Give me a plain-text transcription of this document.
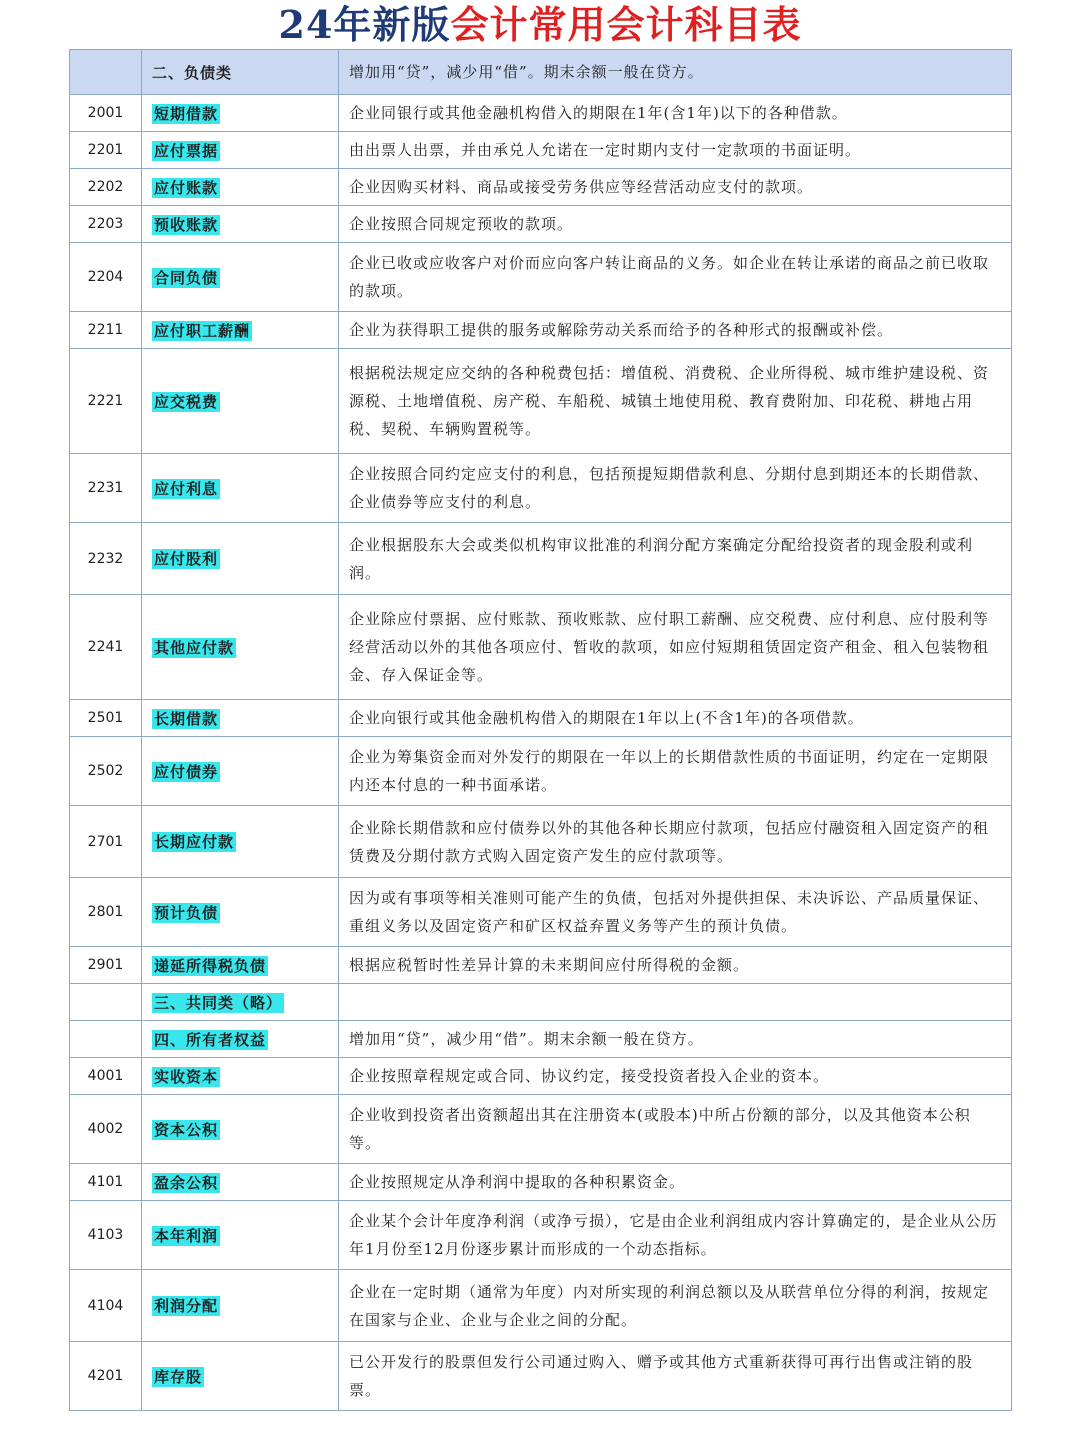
24年新版会计常用会计科目表
	二、负债类	增加用“贷”，减少用“借”。期末余额一般在贷方。
2001	短期借款	企业同银行或其他金融机构借入的期限在1年(含1年)以下的各种借款。
2201	应付票据	由出票人出票，并由承兑人允诺在一定时期内支付一定款项的书面证明。
2202	应付账款	企业因购买材料、商品或接受劳务供应等经营活动应支付的款项。
2203	预收账款	企业按照合同规定预收的款项。
2204	合同负债	企业已收或应收客户对价而应向客户转让商品的义务。如企业在转让承诺的商品之前已收取的款项。
2211	应付职工薪酬	企业为获得职工提供的服务或解除劳动关系而给予的各种形式的报酬或补偿。
2221	应交税费	根据税法规定应交纳的各种税费包括：增值税、消费税、企业所得税、城市维护建设税、资源税、土地增值税、房产税、车船税、城镇土地使用税、教育费附加、印花税、耕地占用税、契税、车辆购置税等。
2231	应付利息	企业按照合同约定应支付的利息，包括预提短期借款利息、分期付息到期还本的长期借款、企业债券等应支付的利息。
2232	应付股利	企业根据股东大会或类似机构审议批准的利润分配方案确定分配给投资者的现金股利或利润。
2241	其他应付款	企业除应付票据、应付账款、预收账款、应付职工薪酬、应交税费、应付利息、应付股利等经营活动以外的其他各项应付、暂收的款项，如应付短期租赁固定资产租金、租入包装物租金、存入保证金等。
2501	长期借款	企业向银行或其他金融机构借入的期限在1年以上(不含1年)的各项借款。
2502	应付债券	企业为筹集资金而对外发行的期限在一年以上的长期借款性质的书面证明，约定在一定期限内还本付息的一种书面承诺。
2701	长期应付款	企业除长期借款和应付债券以外的其他各种长期应付款项，包括应付融资租入固定资产的租赁费及分期付款方式购入固定资产发生的应付款项等。
2801	预计负债	因为或有事项等相关准则可能产生的负债，包括对外提供担保、未决诉讼、产品质量保证、重组义务以及固定资产和矿区权益弃置义务等产生的预计负债。
2901	递延所得税负债	根据应税暂时性差异计算的未来期间应付所得税的金额。
	三、共同类（略）	
	四、所有者权益	增加用“贷”，减少用“借”。期末余额一般在贷方。
4001	实收资本	企业按照章程规定或合同、协议约定，接受投资者投入企业的资本。
4002	资本公积	企业收到投资者出资额超出其在注册资本(或股本)中所占份额的部分，以及其他资本公积等。
4101	盈余公积	企业按照规定从净利润中提取的各种积累资金。
4103	本年利润	企业某个会计年度净利润（或净亏损），它是由企业利润组成内容计算确定的，是企业从公历年1月份至12月份逐步累计而形成的一个动态指标。
4104	利润分配	企业在一定时期（通常为年度）内对所实现的利润总额以及从联营单位分得的利润，按规定在国家与企业、企业与企业之间的分配。
4201	库存股	已公开发行的股票但发行公司通过购入、赠予或其他方式重新获得可再行出售或注销的股票。
